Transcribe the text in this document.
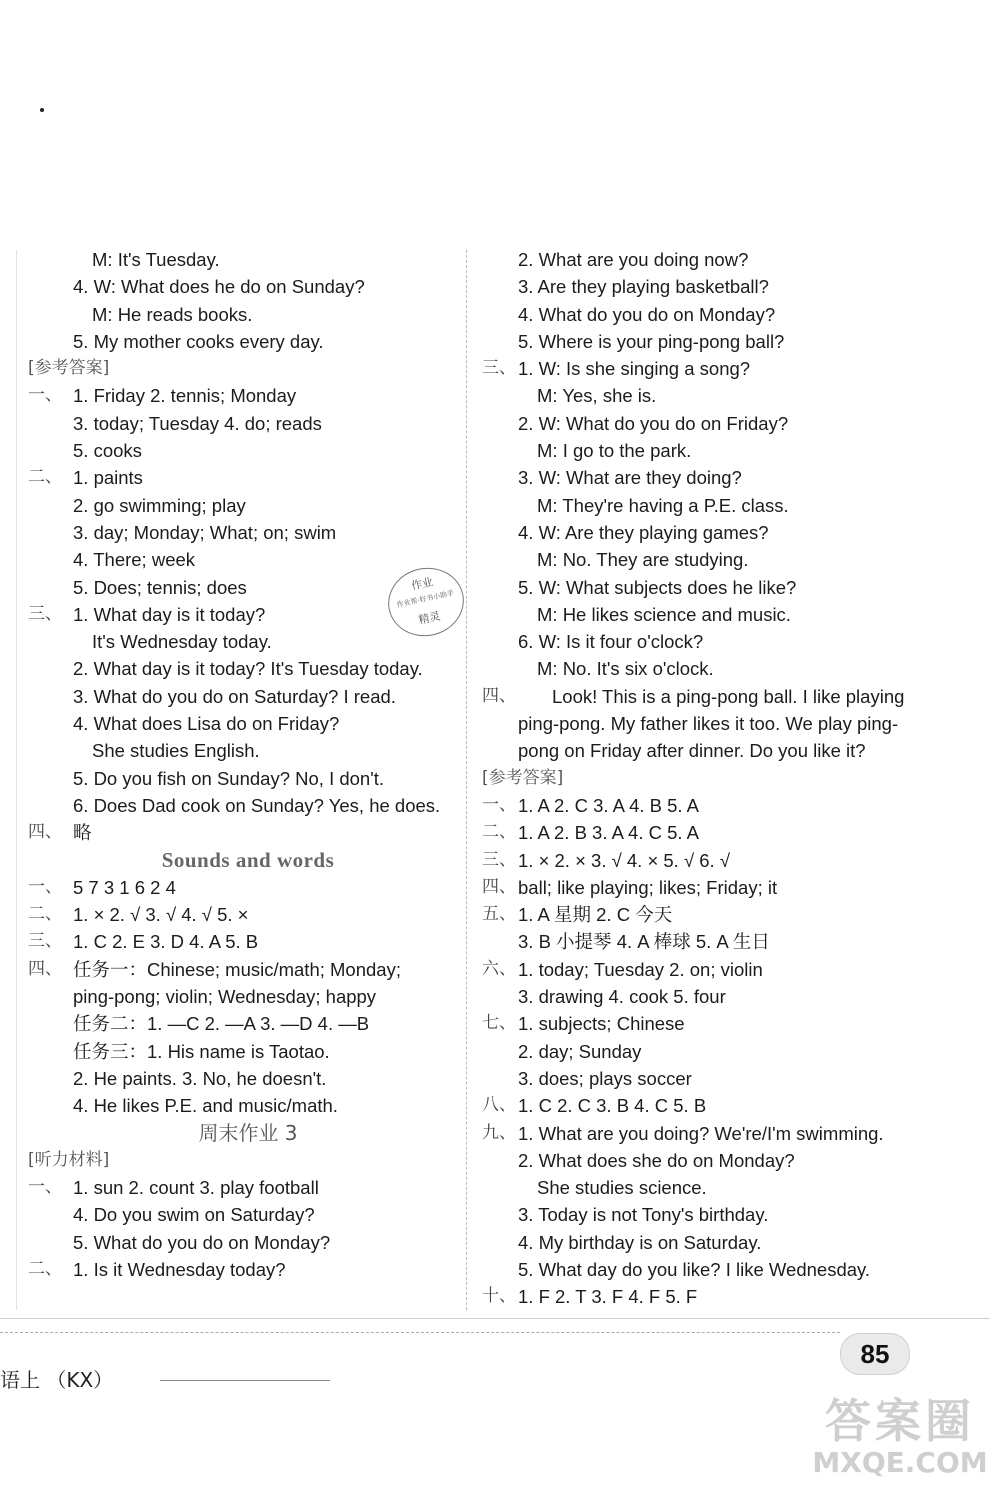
M: It's Tuesday.
4. W: What does he do on Sunday?
M: He reads books.
5. My mother cooks every day.
[参考答案]
一、 1. Friday 2. tennis; Monday
3. today; Tuesday 4. do; reads
5. cooks
二、 1. paints
2. go swimming; play
3. day; Monday; What; on; swim
4. There; week
5. Does; tennis; does
三、 1. What day is it today?
It's Wednesday today.
2. What day is it today? It's Tuesday today.
3. What do you do on Saturday? I read.
4. What does Lisa do on Friday?
She studies English.
5. Do you fish on Sunday? No, I don't.
6. Does Dad cook on Sunday? Yes, he does.
四、 略
Sounds and words
一、 5 7 3 1 6 2 4
二、 1. × 2. √ 3. √ 4. √ 5. ×
三、 1. C 2. E 3. D 4. A 5. B
四、 任务一：Chinese; music/math; Monday;
ping-pong; violin; Wednesday; happy
任务二：1. —C 2. —A 3. —D 4. —B
任务三：1. His name is Taotao.
2. He paints. 3. No, he doesn't.
4. He likes P.E. and music/math.
周末作业 3
[听力材料]
一、 1. sun 2. count 3. play football
4. Do you swim on Saturday?
5. What do you do on Monday?
二、 1. Is it Wednesday today?
2. What are you doing now?
3. Are they playing basketball?
4. What do you do on Monday?
5. Where is your ping-pong ball?
三、 1. W: Is she singing a song?
M: Yes, she is.
2. W: What do you do on Friday?
M: I go to the park.
3. W: What are they doing?
M: They're having a P.E. class.
4. W: Are they playing games?
M: No. They are studying.
5. W: What subjects does he like?
M: He likes science and music.
6. W: Is it four o'clock?
M: No. It's six o'clock.
四、 Look! This is a ping-pong ball. I like playing
ping-pong. My father likes it too. We play ping-
pong on Friday after dinner. Do you like it?
[参考答案]
一、 1. A 2. C 3. A 4. B 5. A
二、 1. A 2. B 3. A 4. C 5. A
三、 1. × 2. × 3. √ 4. × 5. √ 6. √
四、 ball; like playing; likes; Friday; it
五、 1. A 星期 2. C 今天
3. B 小提琴 4. A 棒球 5. A 生日
六、 1. today; Tuesday 2. on; violin
3. drawing 4. cook 5. four
七、 1. subjects; Chinese
2. day; Sunday
3. does; plays soccer
八、 1. C 2. C 3. B 4. C 5. B
九、 1. What are you doing? We're/I'm swimming.
2. What does she do on Monday?
She studies science.
3. Today is not Tony's birthday.
4. My birthday is on Saturday.
5. What day do you like? I like Wednesday.
十、 1. F 2. T 3. F 4. F 5. F
作业
作业帮·好书小助手
精灵
语上 （KX）
85
答案圈
MXQE.COM
